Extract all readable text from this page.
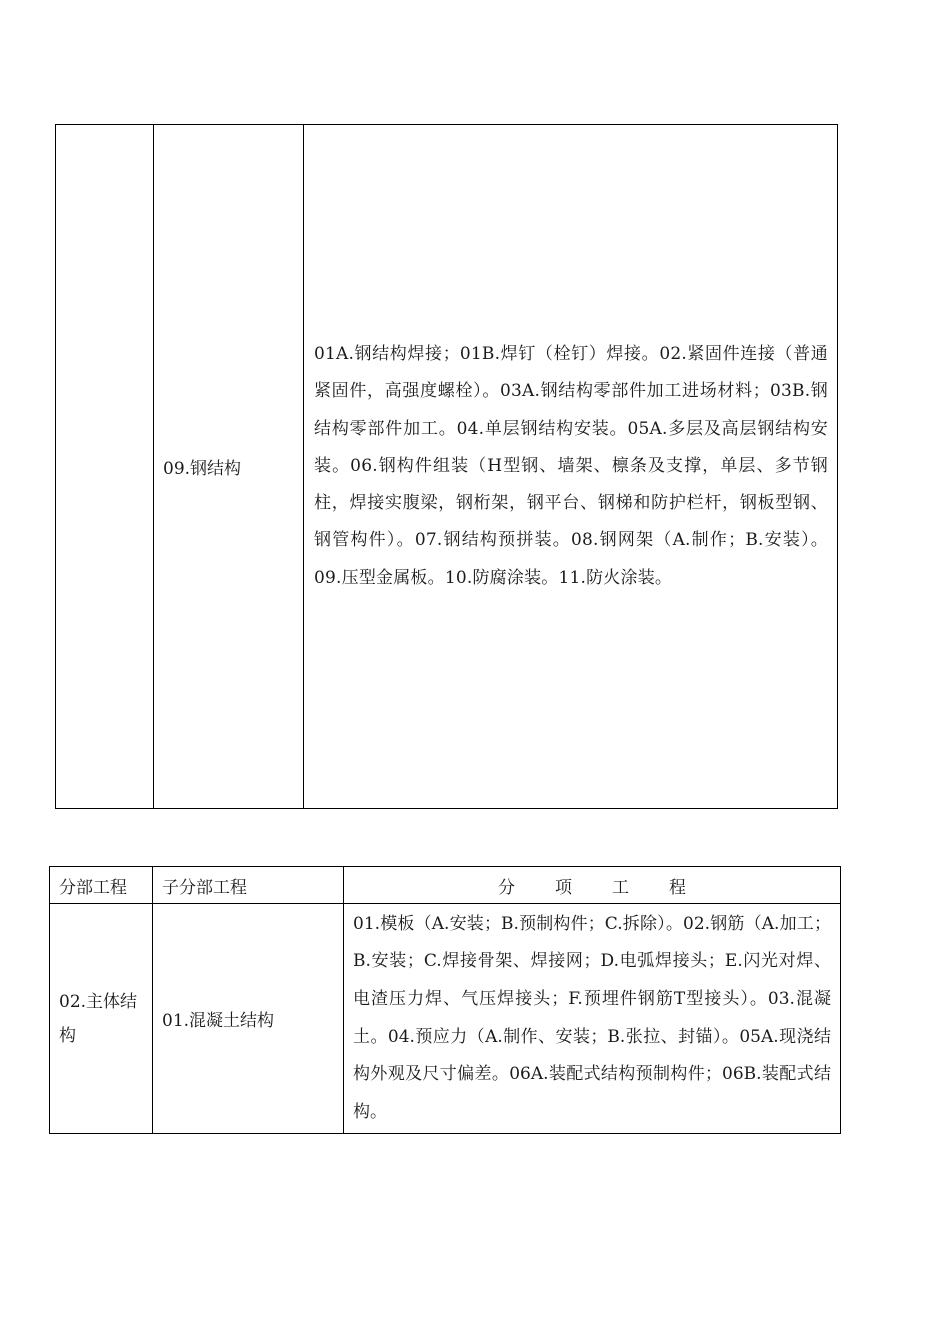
	09.钢结构	01A.钢结构焊接；01B.焊钉（栓钉）焊接。02.紧固件连接（普通紧固件，高强度螺栓）。03A.钢结构零部件加工进场材料；03B.钢结构零部件加工。04.单层钢结构安装。05A.多层及高层钢结构安装。06.钢构件组装（H型钢、墙架、檩条及支撑，单层、多节钢柱，焊接实腹梁，钢桁架，钢平台、钢梯和防护栏杆，钢板型钢、钢管构件）。07.钢结构预拼装。08.钢网架（A.制作；B.安装）。09.压型金属板。10.防腐涂装。11.防火涂装。
分部工程	子分部工程	分 项 工 程
02.主体结构	01.混凝土结构	01.模板（A.安装；B.预制构件；C.拆除）。02.钢筋（A.加工；B.安装；C.焊接骨架、焊接网；D.电弧焊接头；E.闪光对焊、电渣压力焊、气压焊接头；F.预埋件钢筋T型接头）。03.混凝土。04.预应力（A.制作、安装；B.张拉、封锚）。05A.现浇结构外观及尺寸偏差。06A.装配式结构预制构件；06B.装配式结构。
